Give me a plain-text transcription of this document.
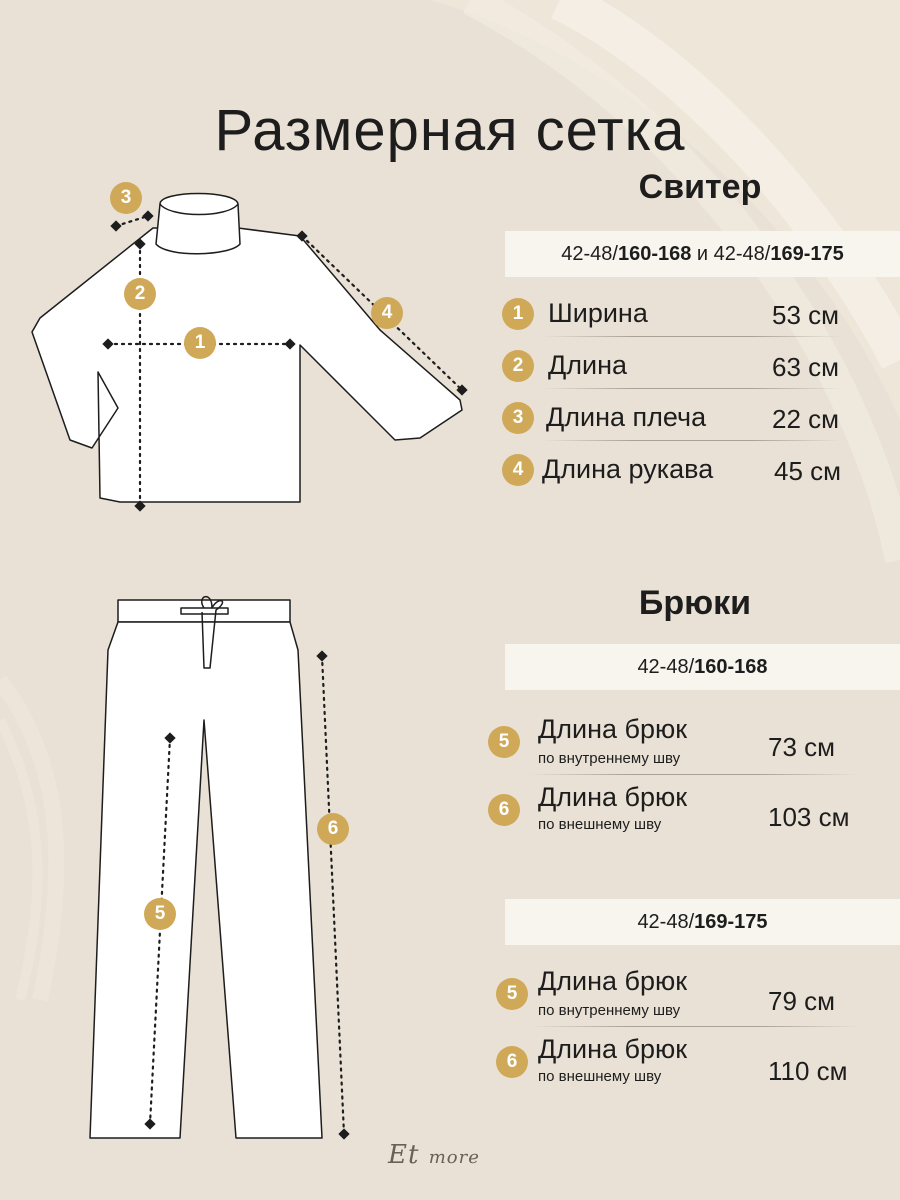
Размерная сетка
1
2
3
4
5
6
Свитер
42-48/ 160-168 и 42-48/ 169-175
1 Ширина	53 см
2 Длина	63 см
3 Длина плеча	22 см
4 Длина рукава 45 см
Брюки
42-48/ 160-168
5	Длина брюк
по внутреннему шву	73 см
6	Длина брюк
по внешнему шву	103 см
42-48/ 169-175
5 Длина брюк
по внутреннему шву	79 см
6 Длина брюк
по внешнему шву	110 см
Et more
